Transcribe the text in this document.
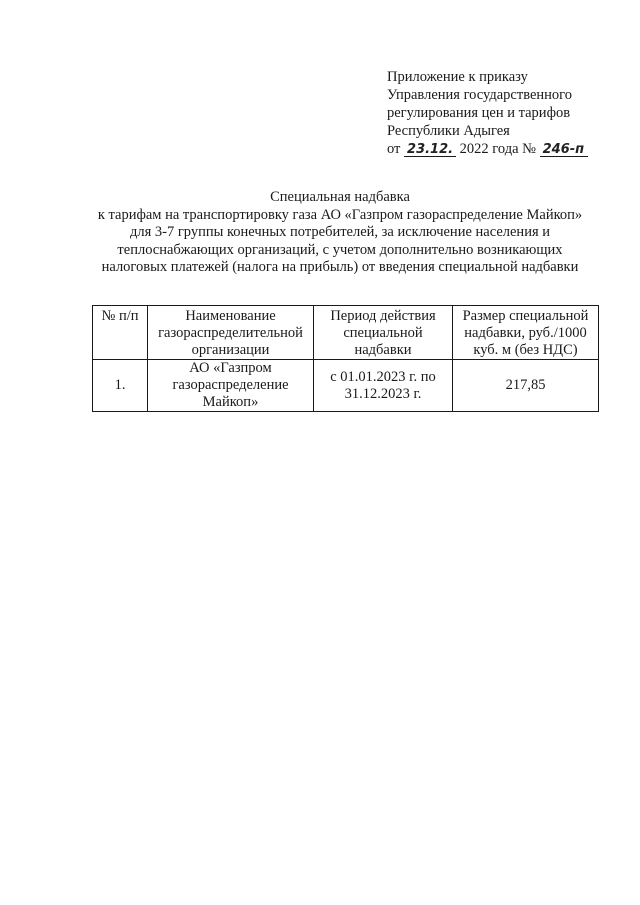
Приложение к приказу
Управления государственного
регулирования цен и тарифов
Республики Адыгея
от 23.12. 2022 года № 246-п
Специальная надбавка
к тарифам на транспортировку газа АО «Газпром газораспределение Майкоп» для 3-7 группы конечных потребителей, за исключение населения и теплоснабжающих организаций, с учетом дополнительно возникающих налоговых платежей (налога на прибыль) от введения специальной надбавки
№ п/п	Наименование газораспределительной организации	Период действия специальной надбавки	Размер специальной надбавки, руб./1000 куб. м (без НДС)
1.	АО «Газпром газораспределение Майкоп»	с 01.01.2023 г. по 31.12.2023 г.	217,85
